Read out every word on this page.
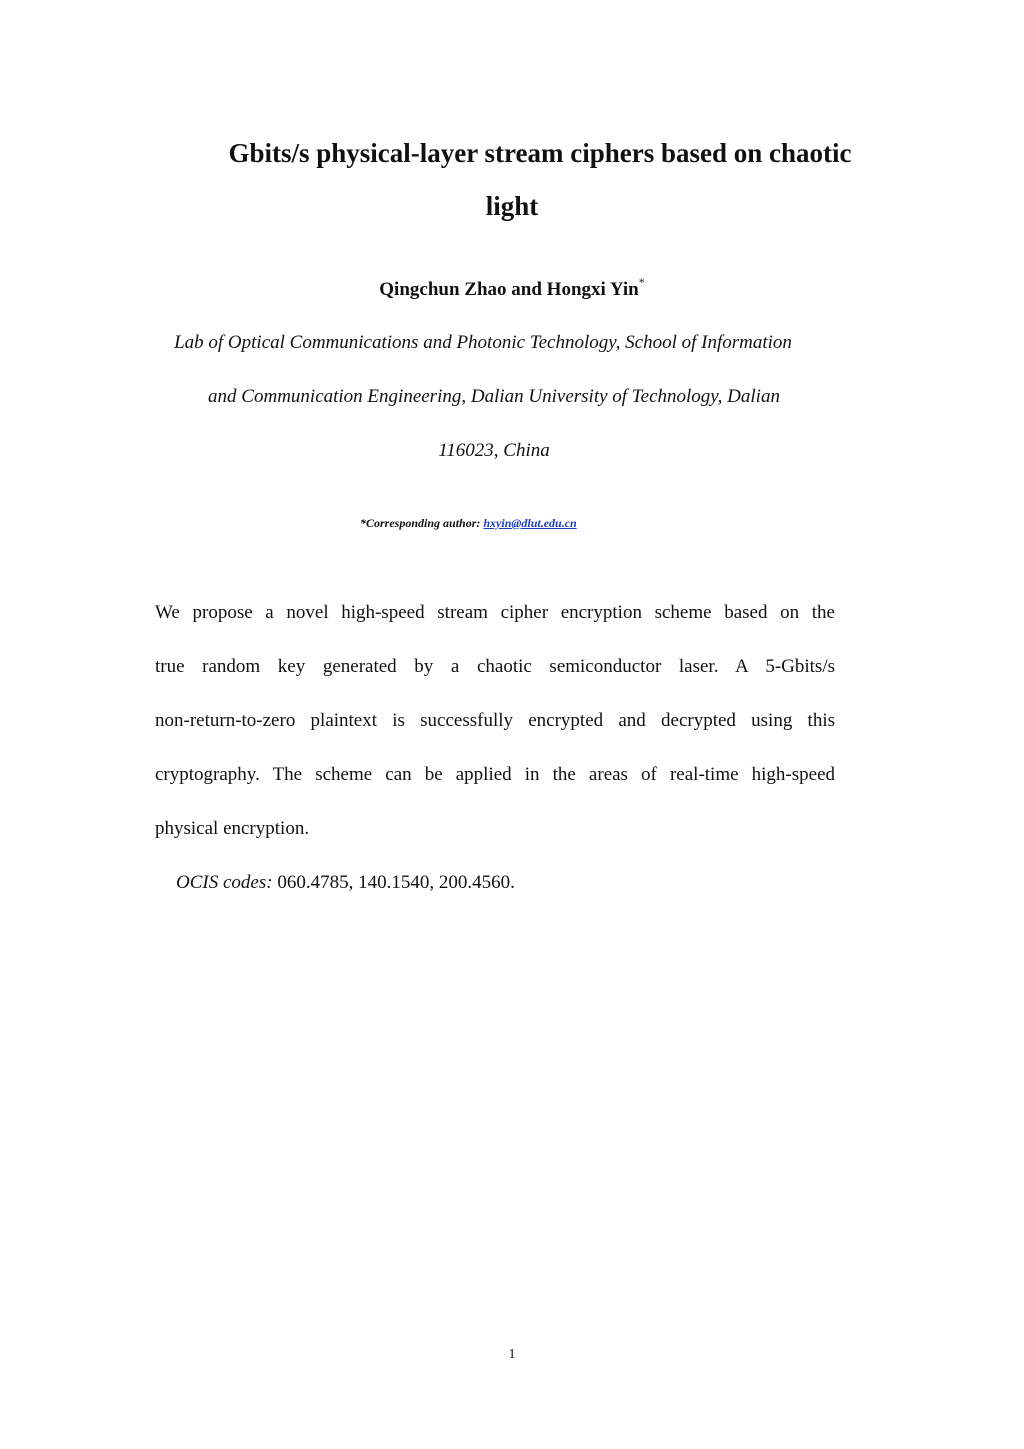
Gbits/s physical-layer stream ciphers based on chaotic
light
Qingchun Zhao and Hongxi Yin*
Lab of Optical Communications and Photonic Technology, School of Information
and Communication Engineering, Dalian University of Technology, Dalian
116023, China
*Corresponding author: hxyin@dlut.edu.cn
We propose a novel high-speed stream cipher encryption scheme based on the
true random key generated by a chaotic semiconductor laser. A 5-Gbits/s
non-return-to-zero plaintext is successfully encrypted and decrypted using this
cryptography. The scheme can be applied in the areas of real-time high-speed
physical encryption.
OCIS codes: 060.4785, 140.1540, 200.4560.
1
